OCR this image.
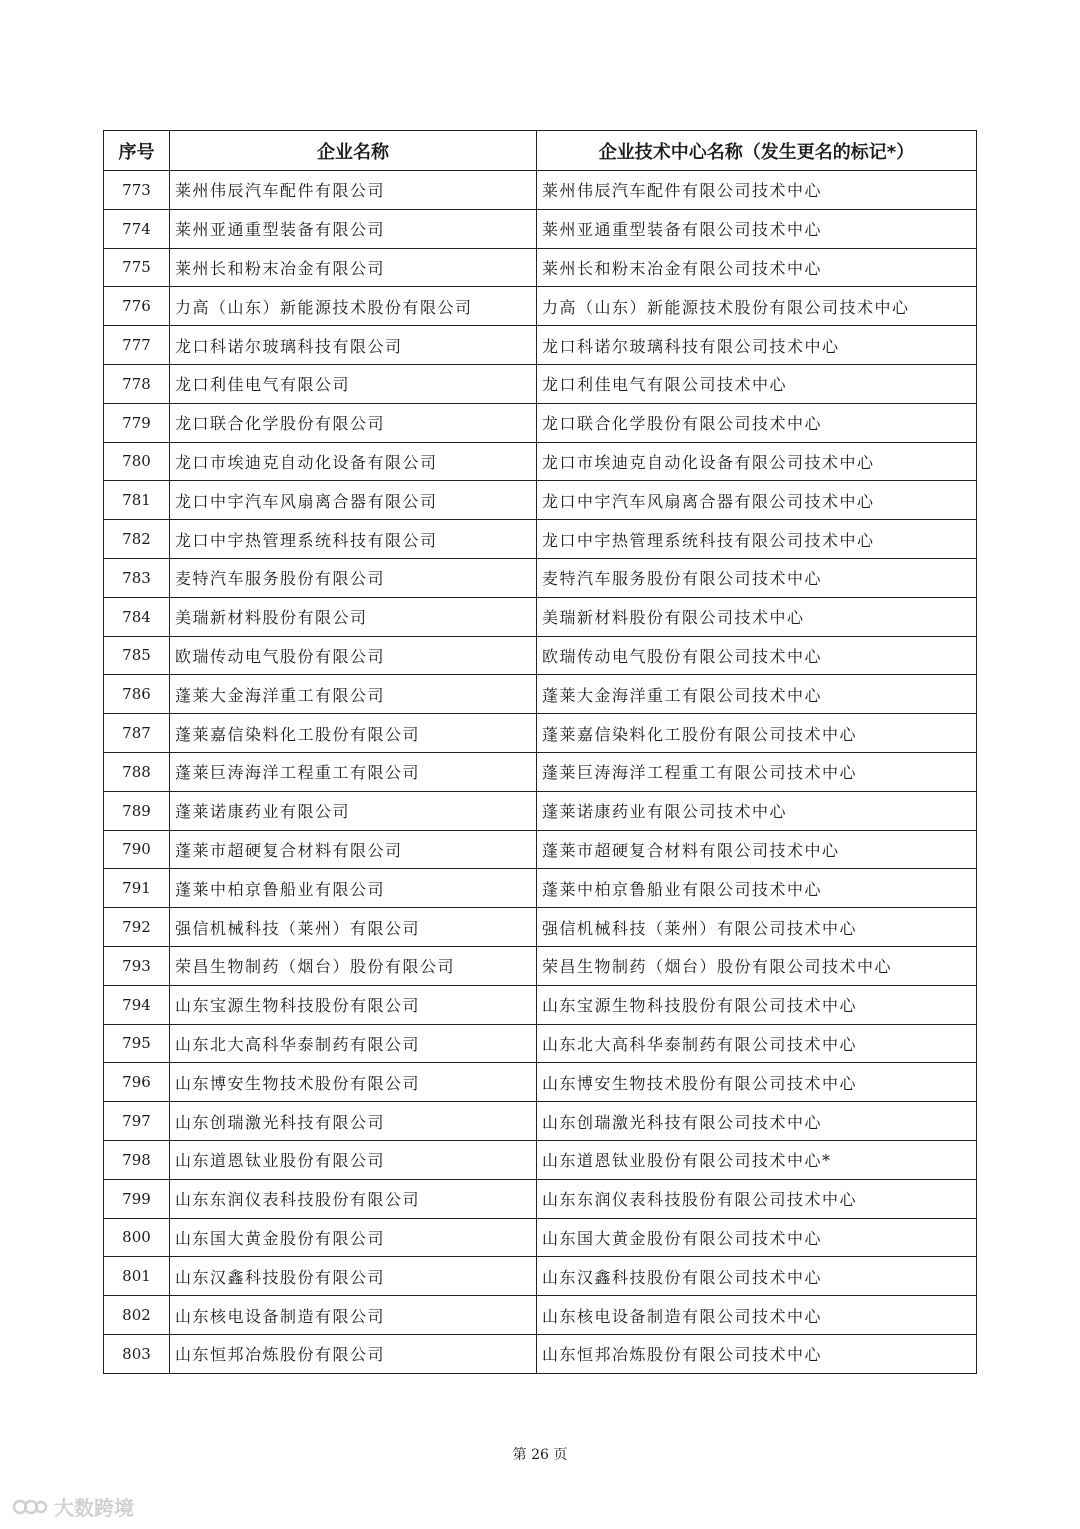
序号	企业名称	企业技术中心名称（发生更名的标记*）
773	莱州伟辰汽车配件有限公司	莱州伟辰汽车配件有限公司技术中心
774	莱州亚通重型装备有限公司	莱州亚通重型装备有限公司技术中心
775	莱州长和粉末冶金有限公司	莱州长和粉末冶金有限公司技术中心
776	力高（山东）新能源技术股份有限公司	力高（山东）新能源技术股份有限公司技术中心
777	龙口科诺尔玻璃科技有限公司	龙口科诺尔玻璃科技有限公司技术中心
778	龙口利佳电气有限公司	龙口利佳电气有限公司技术中心
779	龙口联合化学股份有限公司	龙口联合化学股份有限公司技术中心
780	龙口市埃迪克自动化设备有限公司	龙口市埃迪克自动化设备有限公司技术中心
781	龙口中宇汽车风扇离合器有限公司	龙口中宇汽车风扇离合器有限公司技术中心
782	龙口中宇热管理系统科技有限公司	龙口中宇热管理系统科技有限公司技术中心
783	麦特汽车服务股份有限公司	麦特汽车服务股份有限公司技术中心
784	美瑞新材料股份有限公司	美瑞新材料股份有限公司技术中心
785	欧瑞传动电气股份有限公司	欧瑞传动电气股份有限公司技术中心
786	蓬莱大金海洋重工有限公司	蓬莱大金海洋重工有限公司技术中心
787	蓬莱嘉信染料化工股份有限公司	蓬莱嘉信染料化工股份有限公司技术中心
788	蓬莱巨涛海洋工程重工有限公司	蓬莱巨涛海洋工程重工有限公司技术中心
789	蓬莱诺康药业有限公司	蓬莱诺康药业有限公司技术中心
790	蓬莱市超硬复合材料有限公司	蓬莱市超硬复合材料有限公司技术中心
791	蓬莱中柏京鲁船业有限公司	蓬莱中柏京鲁船业有限公司技术中心
792	强信机械科技（莱州）有限公司	强信机械科技（莱州）有限公司技术中心
793	荣昌生物制药（烟台）股份有限公司	荣昌生物制药（烟台）股份有限公司技术中心
794	山东宝源生物科技股份有限公司	山东宝源生物科技股份有限公司技术中心
795	山东北大高科华泰制药有限公司	山东北大高科华泰制药有限公司技术中心
796	山东博安生物技术股份有限公司	山东博安生物技术股份有限公司技术中心
797	山东创瑞激光科技有限公司	山东创瑞激光科技有限公司技术中心
798	山东道恩钛业股份有限公司	山东道恩钛业股份有限公司技术中心*
799	山东东润仪表科技股份有限公司	山东东润仪表科技股份有限公司技术中心
800	山东国大黄金股份有限公司	山东国大黄金股份有限公司技术中心
801	山东汉鑫科技股份有限公司	山东汉鑫科技股份有限公司技术中心
802	山东核电设备制造有限公司	山东核电设备制造有限公司技术中心
803	山东恒邦冶炼股份有限公司	山东恒邦冶炼股份有限公司技术中心
第 26 页
大数跨境
